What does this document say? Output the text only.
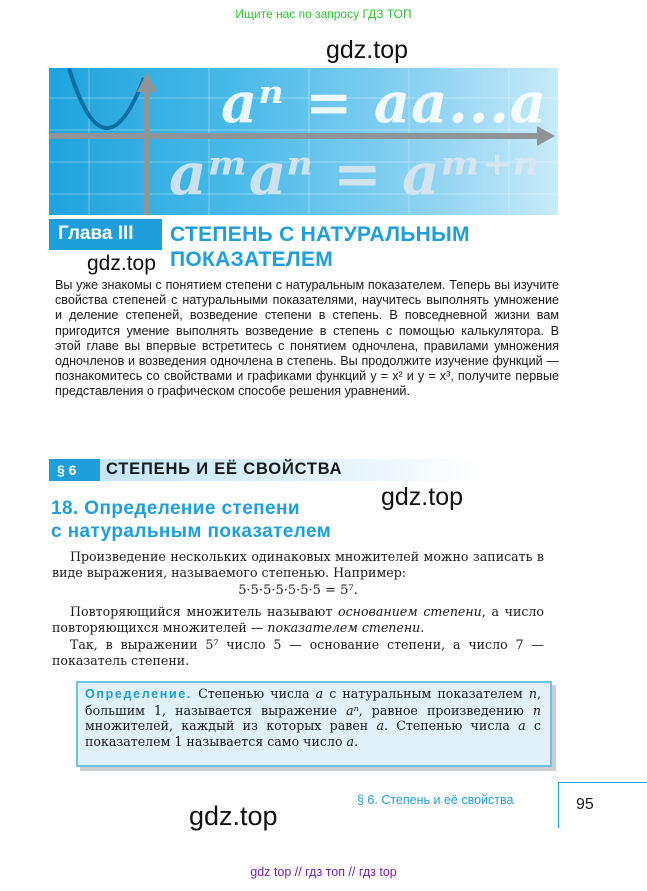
Ищите нас по запросу ГДЗ ТОП
aⁿ = aa...a
aᵐaⁿ = aᵐ⁺ⁿ
gdz.top
Глава III	СТЕПЕНЬ С НАТУРАЛЬНЫМ
ПОКАЗАТЕЛЕМ
gdz.top
Вы уже знакомы с понятием степени с натуральным показателем. Теперь вы изучите свойства степеней с натуральными показателями, научитесь выполнять умножение и деление степеней, возведение степени в степень. В повседневной жизни вам пригодится умение выполнять возведение в степень с помощью калькулятора. В этой главе вы впервые встретитесь с понятием одночлена, правилами умножения одночленов и возведения одночлена в степень. Вы продолжите изучение функций — познакомитесь со свойствами и графиками функций y = x² и y = x³, получите первые представления о графическом способе решения уравнений.
§ 6	СТЕПЕНЬ И ЕЁ СВОЙСТВА
18. Определение степени
с натуральным показателем
gdz.top
Произведение нескольких одинаковых множителей можно записать в виде выражения, называемого степенью. Например:
5·5·5·5·5·5·5 = 5⁷.
Повторяющийся множитель называют основанием степени, а число повторяющихся множителей — показателем степени.
Так, в выражении 5⁷ число 5 — основание степени, а число 7 — показатель степени.
Определение. Степенью числа a с натуральным показателем n, большим 1, называется выражение aⁿ, равное произведению n множителей, каждый из которых равен a. Степенью числа a с показателем 1 называется само число a.
§ 6. Степень и её свойства	95
gdz.top
gdz top // гдз топ // гдз top
